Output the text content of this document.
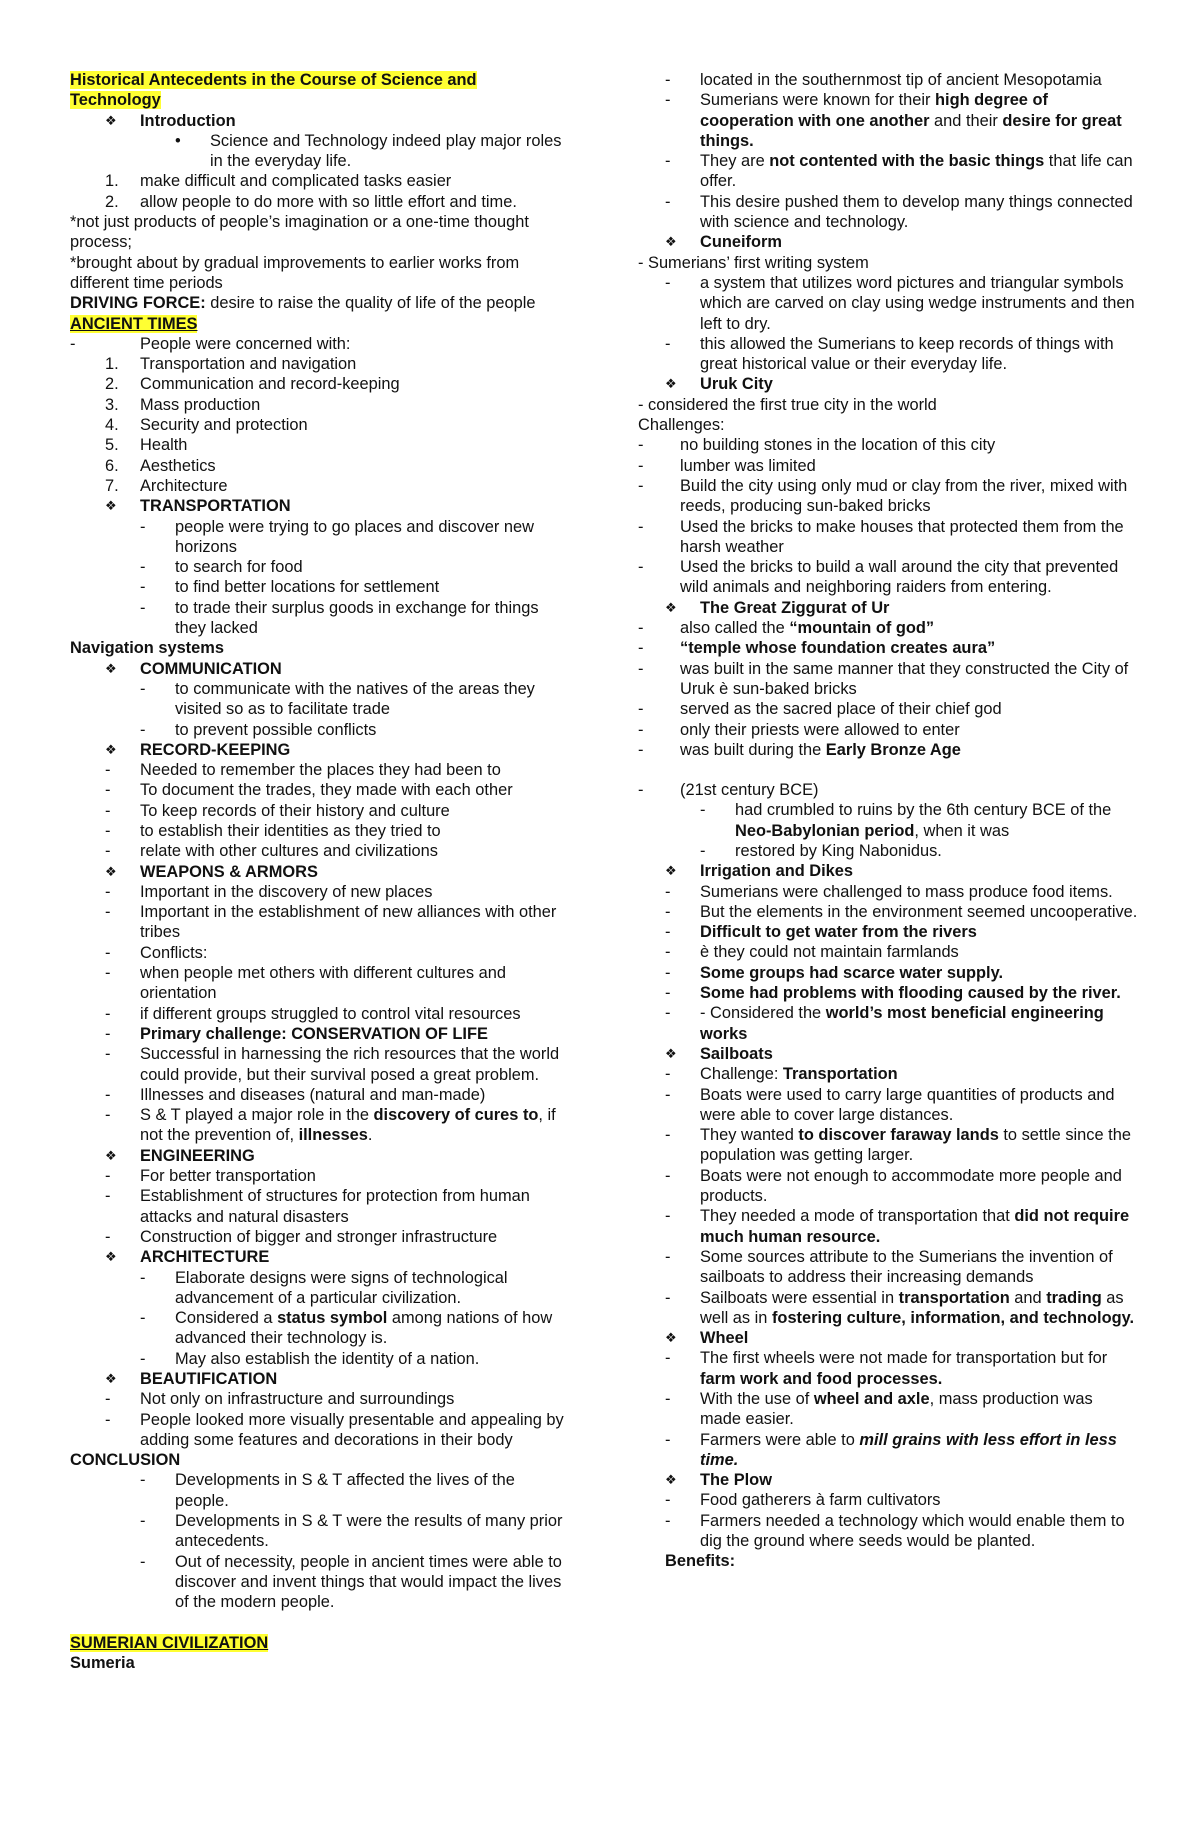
Historical Antecedents in the Course of Science and Technology
❖	Introduction
•	Science and Technology indeed play major roles in the everyday life.
1.	make difficult and complicated tasks easier
2.	allow people to do more with so little effort and time.
*not just products of people’s imagination or a one-time thought process;
*brought about by gradual improvements to earlier works from different time periods
DRIVING FORCE: desire to raise the quality of life of the people
ANCIENT TIMES
-	People were concerned with:
1.	Transportation and navigation
2.	Communication and record-keeping
3.	Mass production
4.	Security and protection
5.	Health
6.	Aesthetics
7.	Architecture
❖	TRANSPORTATION
-	people were trying to go places and discover new horizons
-	to search for food
-	to find better locations for settlement
-	to trade their surplus goods in exchange for things they lacked
Navigation systems
❖	COMMUNICATION
-	to communicate with the natives of the areas they visited so as to facilitate trade
-	to prevent possible conflicts
❖	RECORD-KEEPING
-	Needed to remember the places they had been to
-	To document the trades, they made with each other
-	To keep records of their history and culture
-	to establish their identities as they tried to
-	relate with other cultures and civilizations
❖	WEAPONS & ARMORS
-	Important in the discovery of new places
-	Important in the establishment of new alliances with other tribes
-	Conflicts:
-	when people met others with different cultures and orientation
-	if different groups struggled to control vital resources
-	Primary challenge: CONSERVATION OF LIFE
-	Successful in harnessing the rich resources that the world could provide, but their survival posed a great problem.
-	Illnesses and diseases (natural and man-made)
-	S & T played a major role in the discovery of cures to, if not the prevention of, illnesses.
❖	ENGINEERING
-	For better transportation
-	Establishment of structures for protection from human attacks and natural disasters
-	Construction of bigger and stronger infrastructure
❖	ARCHITECTURE
-	Elaborate designs were signs of technological advancement of a particular civilization.
-	Considered a status symbol among nations of how advanced their technology is.
-	May also establish the identity of a nation.
❖	BEAUTIFICATION
-	Not only on infrastructure and surroundings
-	People looked more visually presentable and appealing by adding some features and decorations in their body
CONCLUSION
-	Developments in S & T affected the lives of the people.
-	Developments in S & T were the results of many prior antecedents.
-	Out of necessity, people in ancient times were able to discover and invent things that would impact the lives of the modern people.
SUMERIAN CIVILIZATION
Sumeria
-	located in the southernmost tip of ancient Mesopotamia
-	Sumerians were known for their high degree of cooperation with one another and their desire for great things.
-	They are not contented with the basic things that life can offer.
-	This desire pushed them to develop many things connected with science and technology.
❖	Cuneiform
- Sumerians’ first writing system
-	a system that utilizes word pictures and triangular symbols which are carved on clay using wedge instruments and then left to dry.
-	this allowed the Sumerians to keep records of things with great historical value or their everyday life.
❖	Uruk City
- considered the first true city in the world
Challenges:
-	no building stones in the location of this city
-	lumber was limited
-	Build the city using only mud or clay from the river, mixed with reeds, producing sun-baked bricks
-	Used the bricks to make houses that protected them from the harsh weather
-	Used the bricks to build a wall around the city that prevented wild animals and neighboring raiders from entering.
❖	The Great Ziggurat of Ur
-	also called the “mountain of god”
-	“temple whose foundation creates aura”
-	was built in the same manner that they constructed the City of Uruk è sun-baked bricks
-	served as the sacred place of their chief god
-	only their priests were allowed to enter
-	was built during the Early Bronze Age
-	(21st century BCE)
-	had crumbled to ruins by the 6th century BCE of the Neo-Babylonian period, when it was
-	restored by King Nabonidus.
❖	Irrigation and Dikes
-	Sumerians were challenged to mass produce food items.
-	But the elements in the environment seemed uncooperative.
-	Difficult to get water from the rivers
-	è they could not maintain farmlands
-	Some groups had scarce water supply.
-	Some had problems with flooding caused by the river.
-	- Considered the world’s most beneficial engineering works
❖	Sailboats
-	Challenge: Transportation
-	Boats were used to carry large quantities of products and were able to cover large distances.
-	They wanted to discover faraway lands to settle since the population was getting larger.
-	Boats were not enough to accommodate more people and products.
-	They needed a mode of transportation that did not require much human resource.
-	Some sources attribute to the Sumerians the invention of sailboats to address their increasing demands
-	Sailboats were essential in transportation and trading as well as in fostering culture, information, and technology.
❖	Wheel
-	The first wheels were not made for transportation but for farm work and food processes.
-	With the use of wheel and axle, mass production was made easier.
-	Farmers were able to mill grains with less effort in less time.
❖	The Plow
-	Food gatherers à farm cultivators
-	Farmers needed a technology which would enable them to dig the ground where seeds would be planted.
Benefits:
